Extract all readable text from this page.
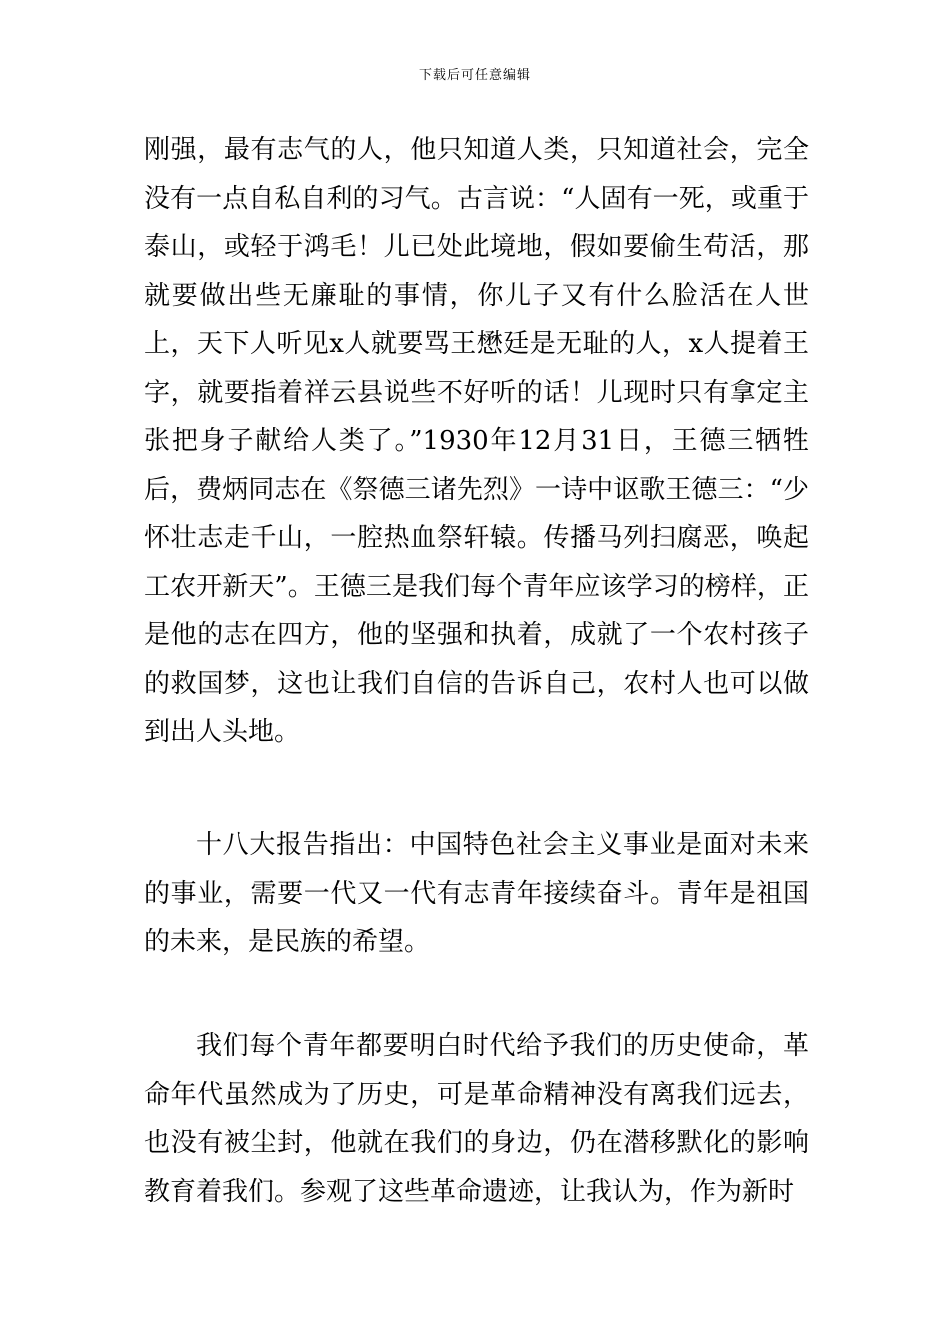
下载后可任意编辑

刚强，最有志气的人，他只知道人类，只知道社会，完全没有一点自私自利的习气。古言说：“人固有一死，或重于泰山，或轻于鸿毛！儿已处此境地，假如要偷生苟活，那就要做出些无廉耻的事情，你儿子又有什么脸活在人世上，天下人听见x人就要骂王懋廷是无耻的人，x人提着王字，就要指着祥云县说些不好听的话！儿现时只有拿定主张把身子献给人类了。”1930年12月31日，王德三牺牲后，费炳同志在《祭德三诸先烈》一诗中讴歌王德三：“少怀壮志走千山，一腔热血祭轩辕。传播马列扫腐恶，唤起工农开新天”。王德三是我们每个青年应该学习的榜样，正是他的志在四方，他的坚强和执着，成就了一个农村孩子的救国梦，这也让我们自信的告诉自己，农村人也可以做到出人头地。

十八大报告指出：中国特色社会主义事业是面对未来的事业，需要一代又一代有志青年接续奋斗。青年是祖国的未来，是民族的希望。

我们每个青年都要明白时代给予我们的历史使命，革命年代虽然成为了历史，可是革命精神没有离我们远去，也没有被尘封，他就在我们的身边，仍在潜移默化的影响教育着我们。参观了这些革命遗迹，让我认为，作为新时
